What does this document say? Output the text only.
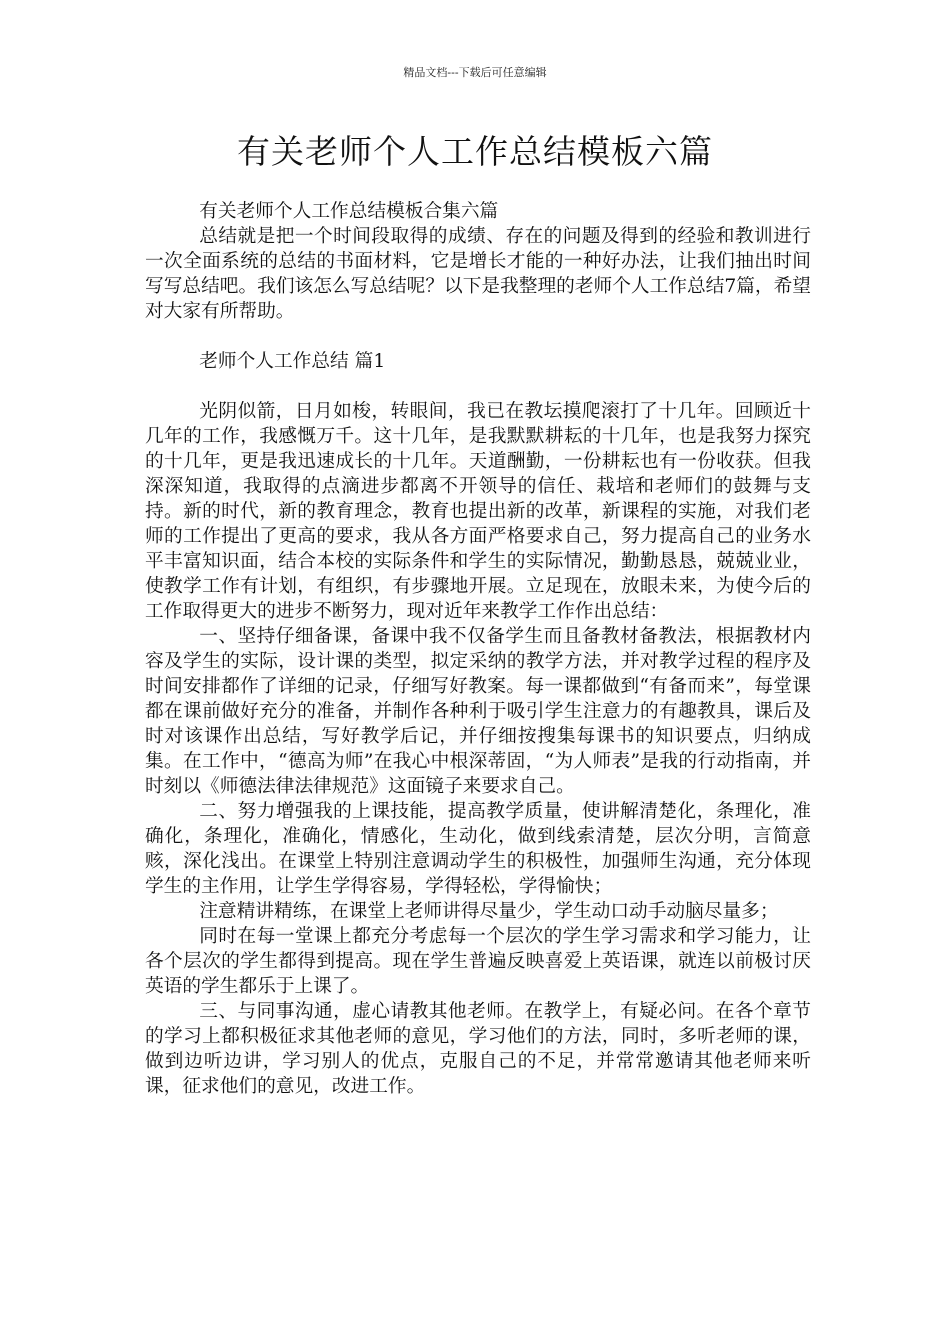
精品文档---下载后可任意编辑
有关老师个人工作总结模板六篇

有关老师个人工作总结模板合集六篇

总结就是把一个时间段取得的成绩、存在的问题及得到的经验和教训进行一次全面系统的总结的书面材料，它是增长才能的一种好办法，让我们抽出时间写写总结吧。我们该怎么写总结呢？以下是我整理的老师个人工作总结7篇，希望对大家有所帮助。

老师个人工作总结 篇1

光阴似箭，日月如梭，转眼间，我已在教坛摸爬滚打了十几年。回顾近十几年的工作，我感慨万千。这十几年，是我默默耕耘的十几年，也是我努力探究的十几年，更是我迅速成长的十几年。天道酬勤，一份耕耘也有一份收获。但我深深知道，我取得的点滴进步都离不开领导的信任、栽培和老师们的鼓舞与支持。新的时代，新的教育理念，教育也提出新的改革，新课程的实施，对我们老师的工作提出了更高的要求，我从各方面严格要求自己，努力提高自己的业务水平丰富知识面，结合本校的实际条件和学生的实际情况，勤勤恳恳，兢兢业业，使教学工作有计划，有组织，有步骤地开展。立足现在，放眼未来，为使今后的工作取得更大的进步不断努力，现对近年来教学工作作出总结：

一、坚持仔细备课，备课中我不仅备学生而且备教材备教法，根据教材内容及学生的实际，设计课的类型，拟定采纳的教学方法，并对教学过程的程序及时间安排都作了详细的记录，仔细写好教案。每一课都做到“有备而来”，每堂课都在课前做好充分的准备，并制作各种利于吸引学生注意力的有趣教具，课后及时对该课作出总结，写好教学后记，并仔细按搜集每课书的知识要点，归纳成集。在工作中，“德高为师”在我心中根深蒂固，“为人师表”是我的行动指南，并时刻以《师德法律法律规范》这面镜子来要求自己。

二、努力增强我的上课技能，提高教学质量，使讲解清楚化，条理化，准确化，条理化，准确化，情感化，生动化，做到线索清楚，层次分明，言简意赅，深化浅出。在课堂上特别注意调动学生的积极性，加强师生沟通，充分体现学生的主作用，让学生学得容易，学得轻松，学得愉快；

注意精讲精练，在课堂上老师讲得尽量少，学生动口动手动脑尽量多；

同时在每一堂课上都充分考虑每一个层次的学生学习需求和学习能力，让各个层次的学生都得到提高。现在学生普遍反映喜爱上英语课，就连以前极讨厌英语的学生都乐于上课了。

三、与同事沟通，虚心请教其他老师。在教学上，有疑必问。在各个章节的学习上都积极征求其他老师的意见，学习他们的方法，同时，多听老师的课，做到边听边讲，学习别人的优点，克服自己的不足，并常常邀请其他老师来听课，征求他们的意见，改进工作。
